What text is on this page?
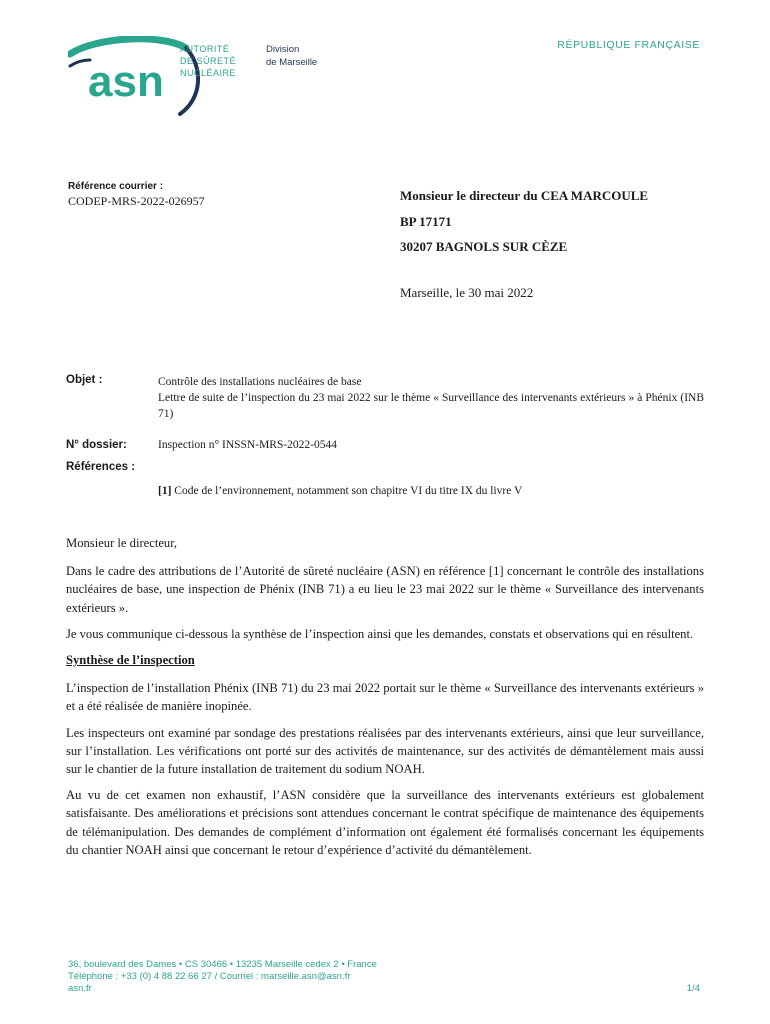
asn
AUTORITÉ
DE SÛRETÉ
NUCLÉAIRE
Division
de Marseille
RÉPUBLIQUE FRANÇAISE
Référence courrier :
CODEP-MRS-2022-026957	Monsieur le directeur du CEA MARCOULE
BP 17171
30207 BAGNOLS SUR CÈZE
Marseille, le 30 mai 2022
Objet :	Contrôle des installations nucléaires de base
Lettre de suite de l’inspection du 23 mai 2022 sur le thème « Surveillance des intervenants extérieurs » à Phénix (INB 71)
N° dossier:	Inspection n° INSSN-MRS-2022-0544
Références :
[1] Code de l’environnement, notamment son chapitre VI du titre IX du livre V

Monsieur le directeur,

Dans le cadre des attributions de l’Autorité de sûreté nucléaire (ASN) en référence [1] concernant le contrôle des installations nucléaires de base, une inspection de Phénix (INB 71) a eu lieu le 23 mai 2022 sur le thème « Surveillance des intervenants extérieurs ».

Je vous communique ci-dessous la synthèse de l’inspection ainsi que les demandes, constats et observations qui en résultent.

Synthèse de l’inspection

L’inspection de l’installation Phénix (INB 71) du 23 mai 2022 portait sur le thème « Surveillance des intervenants extérieurs » et a été réalisée de manière inopinée.

Les inspecteurs ont examiné par sondage des prestations réalisées par des intervenants extérieurs, ainsi que leur surveillance, sur l’installation. Les vérifications ont porté sur des activités de maintenance, sur des activités de démantèlement mais aussi sur le chantier de la future installation de traitement du sodium NOAH.

Au vu de cet examen non exhaustif, l’ASN considère que la surveillance des intervenants extérieurs est globalement satisfaisante. Des améliorations et précisions sont attendues concernant le contrat spécifique de maintenance des équipements de télémanipulation. Des demandes de complément d’information ont également été formalisés concernant les équipements du chantier NOAH ainsi que concernant le retour d’expérience d’activité du démantèlement.

36, boulevard des Dames • CS 30466 • 13235 Marseille cedex 2 • France
Téléphone : +33 (0) 4 88 22 66 27 / Courriel : marseille.asn@asn.fr
asn.fr	1/4
